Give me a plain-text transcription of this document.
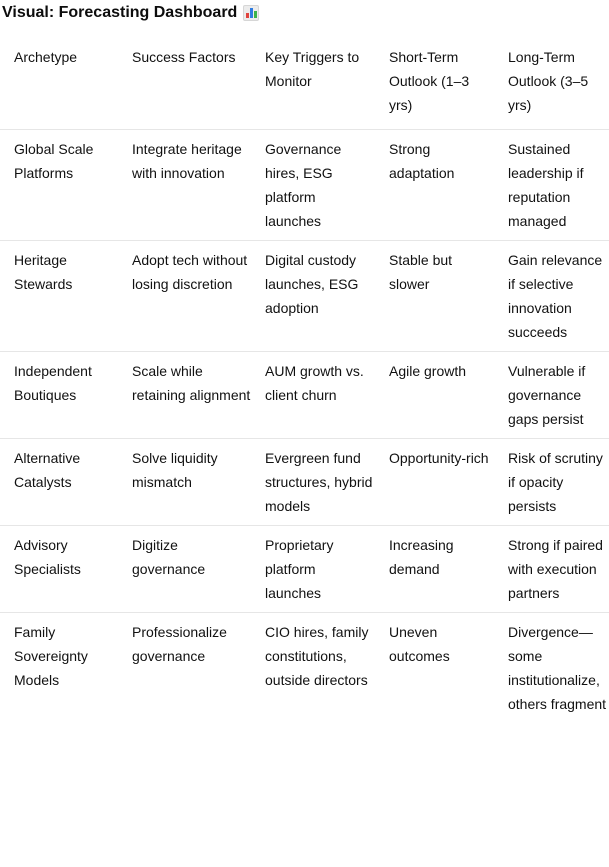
Visual: Forecasting Dashboard
Archetype	Success Factors	Key Triggers to Monitor	Short-Term Outlook (1–3 yrs)	Long-Term Outlook (3–5 yrs)
Global Scale Platforms	Integrate heritage with innovation	Governance hires, ESG platform launches	Strong adaptation	Sustained leadership if reputation managed
Heritage Stewards	Adopt tech without losing discretion	Digital custody launches, ESG adoption	Stable but slower	Gain relevance if selective innovation succeeds
Independent Boutiques	Scale while retaining alignment	AUM growth vs. client churn	Agile growth	Vulnerable if governance gaps persist
Alternative Catalysts	Solve liquidity mismatch	Evergreen fund structures, hybrid models	Opportunity-rich	Risk of scrutiny if opacity persists
Advisory Specialists	Digitize governance	Proprietary platform launches	Increasing demand	Strong if paired with execution partners
Family Sovereignty Models	Professionalize governance	CIO hires, family constitutions, outside directors	Uneven outcomes	Divergence—some institutionalize, others fragment
